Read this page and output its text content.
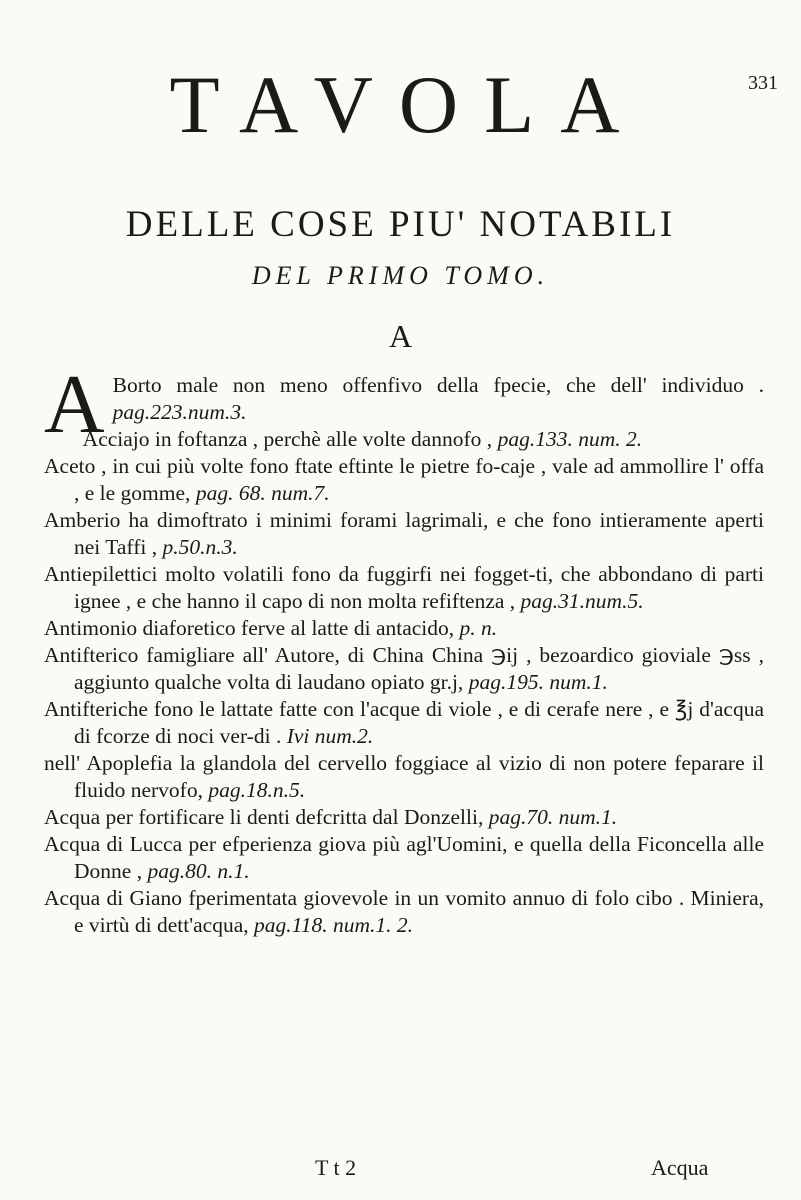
331
TAVOLA
DELLE COSE PIU' NOTABILI
DEL PRIMO TOMO.
A

A Borto male non meno offenfivo della fpecie, che dell' individuo . pag.223.num.3.

Acciajo in foftanza , perchè alle volte dannofo , pag.133. num. 2.

Aceto , in cui più volte fono ftate eftinte le pietre fo-caje , vale ad ammollire l' offa , e le gomme, pag. 68. num.7.

Amberio ha dimoftrato i minimi forami lagrimali, e che fono intieramente aperti nei Taffi , p.50.n.3.

Antiepilettici molto volatili fono da fuggirfi nei fogget-ti, che abbondano di parti ignee , e che hanno il capo di non molta refiftenza , pag.31.num.5.

Antimonio diaforetico ferve al latte di antacido, p. n.

Antifterico famigliare all' Autore, di China China ℈ij , bezoardico gioviale ℈ss , aggiunto qualche volta di laudano opiato gr.j, pag.195. num.1.

Antifteriche fono le lattate fatte con l'acque di viole , e di cerafe nere , e ℥j d'acqua di fcorze di noci ver-di . Ivi num.2.

nell' Apoplefia la glandola del cervello foggiace al vizio di non potere feparare il fluido nervofo, pag.18.n.5.

Acqua per fortificare li denti defcritta dal Donzelli, pag.70. num.1.

Acqua di Lucca per efperienza giova più agl'Uomini, e quella della Ficoncella alle Donne , pag.80. n.1.

Acqua di Giano fperimentata giovevole in un vomito annuo di folo cibo . Miniera, e virtù di dett'acqua, pag.118. num.1. 2.

T t 2	Acqua
